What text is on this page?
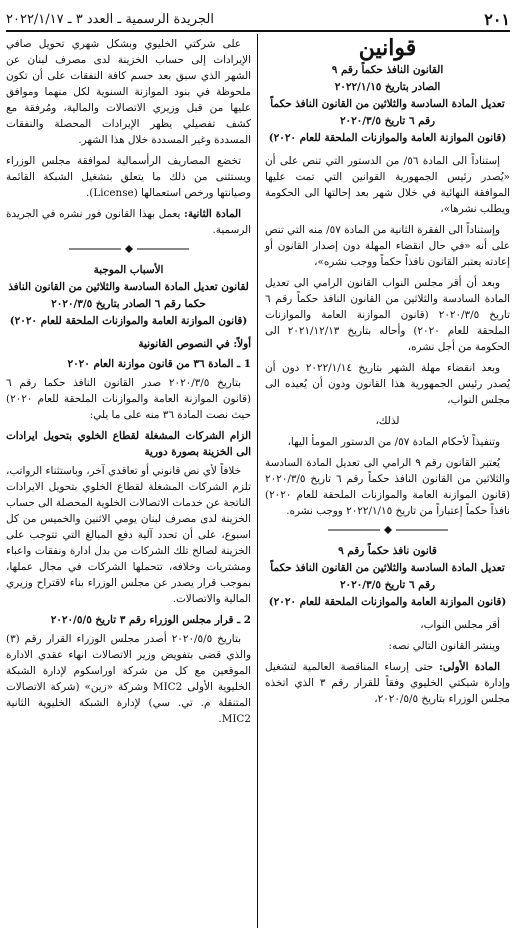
٢٠١
الجريدة الرسمية ـ العدد ٣ ـ ٢٠٢٢/١/١٧
قوانين
القانون النافذ حكماً رقم ٩
الصادر بتاريخ ٢٠٢٢/١/١٥
تعديل المادة السادسة والثلاثين من القانون النافذ حكماً رقم ٦ تاريخ ٢٠٢٠/٣/٥
(قانون الموازنة العامة والموازنات الملحقة للعام ٢٠٢٠)

إستناداً الى المادة ٥٦/ من الدستور التي تنص على أن «يُصدر رئيس الجمهورية القوانين التي تمت عليها الموافقة النهائية في خلال شهر بعد إحالتها الى الحكومة ويطلب نشرها»،

وإستناداً الى الفقرة الثانية من المادة ٥٧/ منه التي تنص على أنه «في حال انقضاء المهلة دون إصدار القانون أو إعادته يعتبر القانون نافذاً حكماً ووجب نشره»،

وبعد أن أقر مجلس النواب القانون الرامي الى تعديل المادة السادسة والثلاثين من القانون النافذ حكماً رقم ٦ تاريخ ٢٠٢٠/٣/٥ (قانون الموازنة العامة والموازنات الملحقة للعام ٢٠٢٠) وأحاله بتاريخ ٢٠٢١/١٢/١٣ الى الحكومة من أجل نشره،

وبعد انقضاء مهلة الشهر بتاريخ ٢٠٢٢/١/١٤ دون أن يُصدر رئيس الجمهورية هذا القانون ودون أن يُعيده الى مجلس النواب،

لذلك،

وتنفيذاً لأحكام المادة ٥٧/ من الدستور المومأ اليها،

يُعتبر القانون رقم ٩ الرامي الى تعديل المادة السادسة والثلاثين من القانون النافذ حكماً رقم ٦ تاريخ ٢٠٢٠/٣/٥ (قانون الموازنة العامة والموازنات الملحقة للعام ٢٠٢٠) نافذاً حكماً إعتباراً من تاريخ ٢٠٢٢/١/١٥ ووجب نشره.

قانون نافذ حكماً رقم ٩
تعديل المادة السادسة والثلاثين من القانون النافذ حكماً رقم ٦ تاريخ ٢٠٢٠/٣/٥
(قانون الموازنة العامة والموازنات الملحقة للعام ٢٠٢٠)

أقر مجلس النواب،

وينشر القانون التالي نصه:

المادة الأولى: حتى إرساء المناقصة العالمية لتشغيل وإدارة شبكتي الخليوي وفقاً للقرار رقم ٣ الذي اتخذه مجلس الوزراء بتاريخ ٢٠٢٠/٥/٥،

على شركتي الخليوي وبشكل شهري تحويل صافي الإيرادات إلى حساب الخزينة لدى مصرف لبنان عن الشهر الذي سبق بعد حسم كافة النفقات على أن تكون ملحوظة في بنود الموازنة السنوية لكل منهما وموافق عليها من قبل وزيري الاتصالات والمالية، ومُرفقة مع كشف تفصيلي يظهر الإيرادات المحصلة والنفقات المسددة وغير المسددة خلال هذا الشهر.

تخضع المصاريف الرأسمالية لموافقة مجلس الوزراء ويستثنى من ذلك ما يتعلق بتشغيل الشبكة القائمة وصيانتها ورخص استعمالها (License).

المادة الثانية: يعمل بهذا القانون فور نشره في الجريدة الرسمية.

الأسباب الموجبة
لقانون تعديل المادة السادسة والثلاثين من القانون النافذ حكما رقم ٦ الصادر بتاريخ ٢٠٢٠/٣/٥
(قانون الموازنة العامة والموازنات الملحقة للعام ٢٠٢٠)
أولاً: في النصوص القانونية
1 ـ المادة ٣٦ من قانون موازنة العام ٢٠٢٠

بتاريخ ٢٠٢٠/٣/٥ صدر القانون النافذ حكما رقم ٦ (قانون الموازنة العامة والموازنات الملحقة للعام ٢٠٢٠) حيث نصت المادة ٣٦ منه على ما يلي:

الزام الشركات المشغلة لقطاع الخلوي بتحويل ايرادات الى الخزينة بصورة دورية

خلافاً لأي نص قانوني أو تعاقدي آخر، وباستثناء الرواتب، تلزم الشركات المشغلة لقطاع الخلوي بتحويل الايرادات الناتجة عن خدمات الاتصالات الخلوية المحصلة الى حساب الخزينة لدى مصرف لبنان يومي الاثنين والخميس من كل اسبوع، على أن تحدد آلية دفع المبالغ التي تتوجب على الخزينة لصالح تلك الشركات من بدل ادارة ونفقات واعباء ومشتريات وخلافه، تتحملها الشركات في مجال عملها، بموجب قرار يصدر عن مجلس الوزراء بناء لاقتراح وزيري المالية والاتصالات.

2 ـ قرار مجلس الوزراء رقم ٣ تاريخ ٢٠٢٠/٥/٥

بتاريخ ٢٠٢٠/٥/٥ أصدر مجلس الوزراء القرار رقم (٣) والذي قضى بتفويض وزير الاتصالات انهاء عقدي الادارة الموقعين مع كل من شركة اوراسكوم لإدارة الشبكة الخليوية الأولى MIC2 وشركة «زين» (شركة الاتصالات المتنقلة م. تي. سي) لإدارة الشبكة الخليوية الثانية MIC2.
